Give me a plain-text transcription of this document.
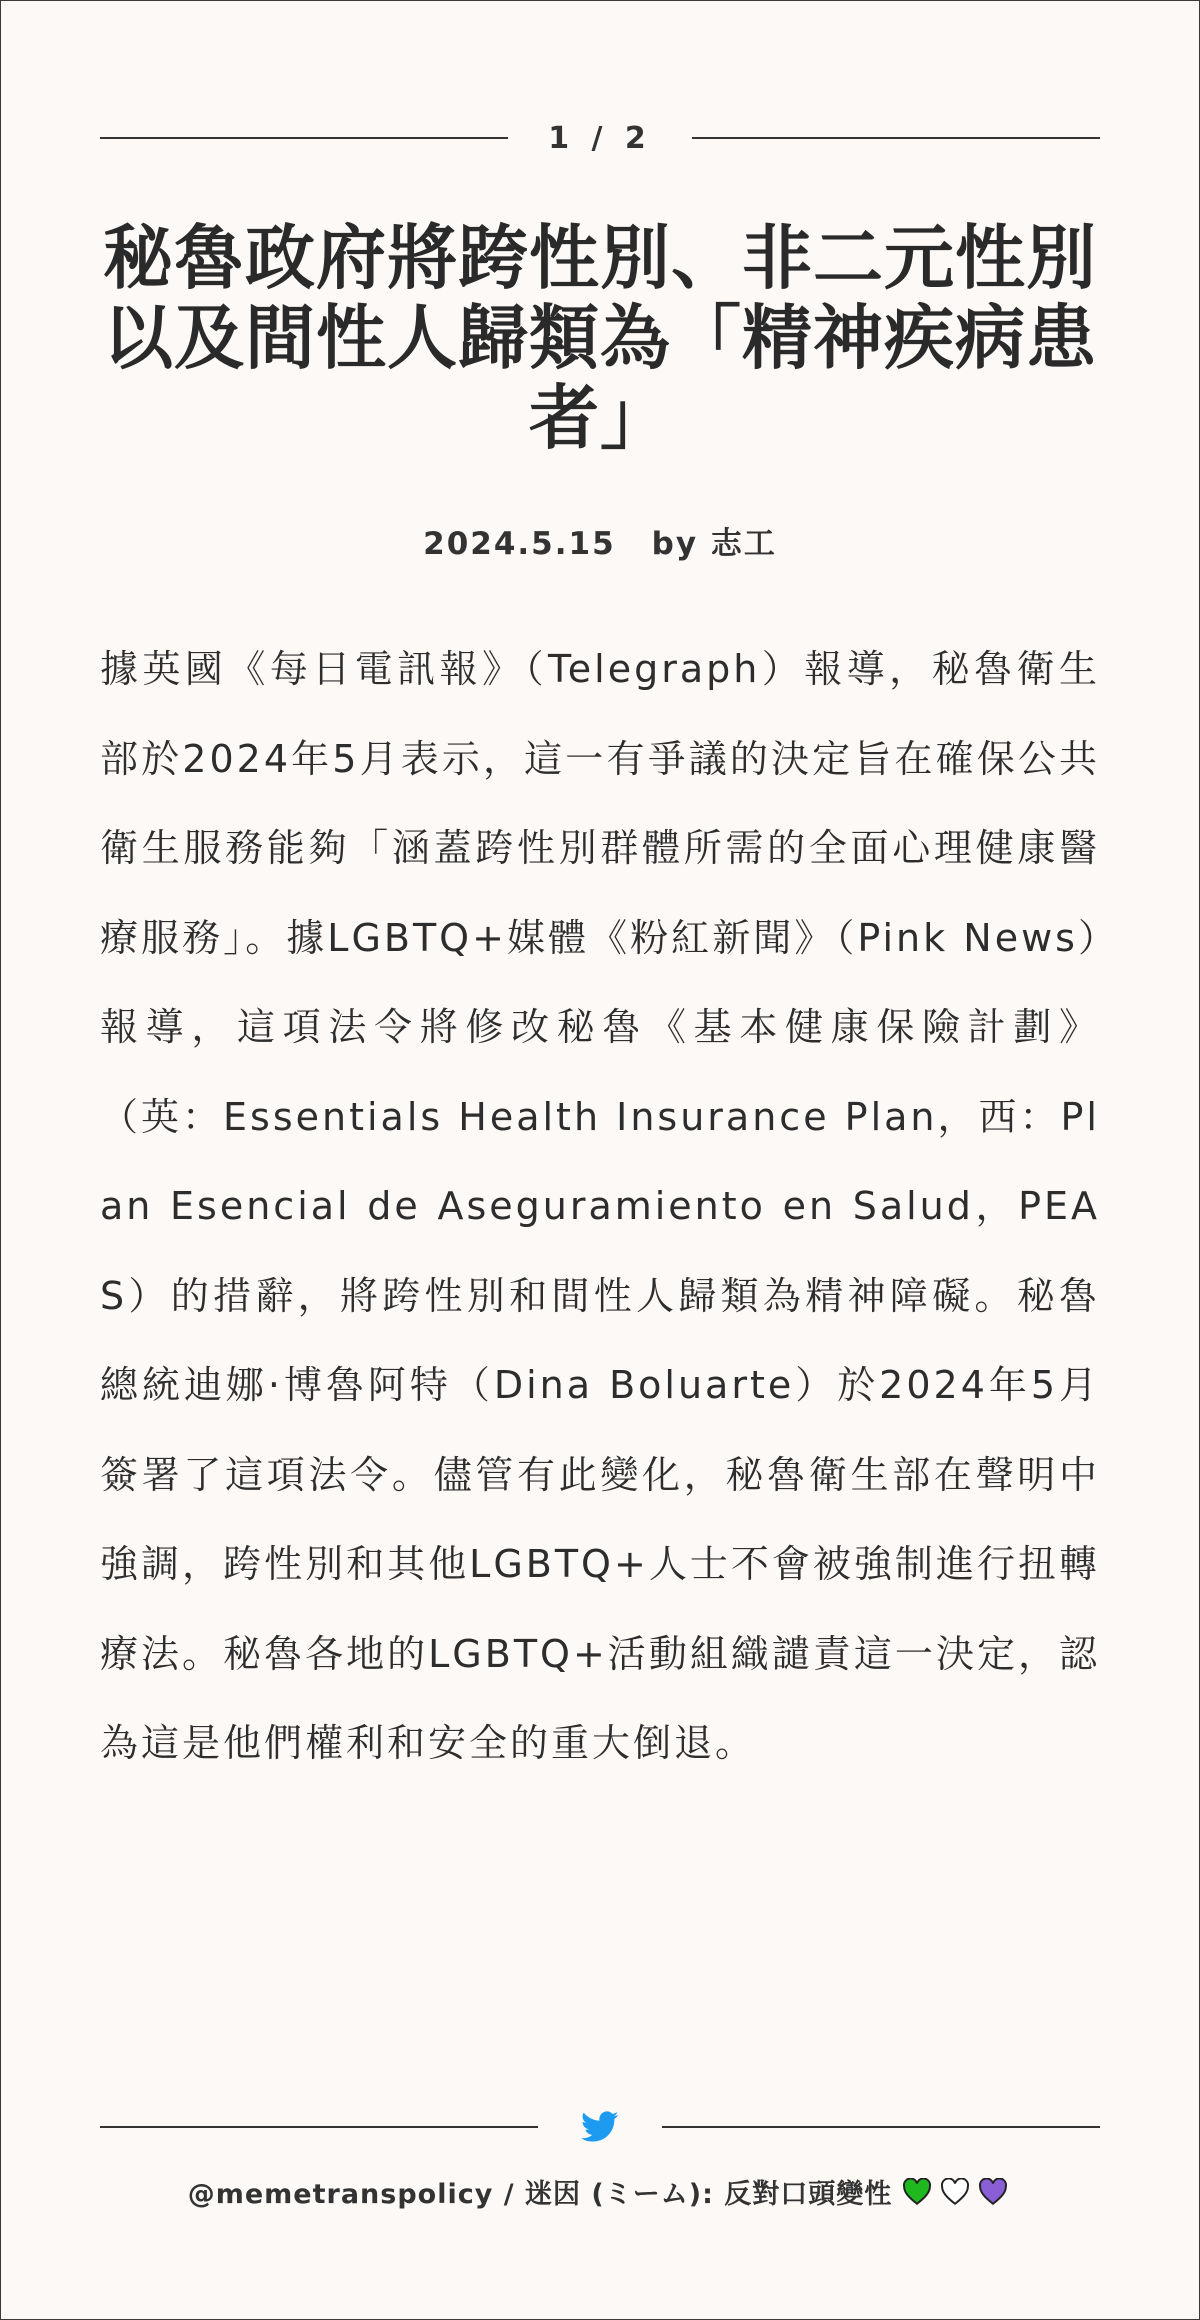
1 / 2
秘魯政府將跨性別、非二元性別以及間性人歸類為「精神疾病患者」
2024.5.15 by 志工

據英國《每日電訊報》（Telegraph）報導，秘魯衛生部於2024年5月表示，這一有爭議的決定旨在確保公共衛生服務能夠「涵蓋跨性別群體所需的全面心理健康醫療服務」。據LGBTQ+媒體《粉紅新聞》（Pink News）報導，這項法令將修改秘魯《基本健康保險計劃》（英：Essentials Health Insurance Plan，西：Plan Esencial de Aseguramiento en Salud，PEAS）的措辭，將跨性別和間性人歸類為精神障礙。秘魯總統迪娜·博魯阿特（Dina Boluarte）於2024年5月簽署了這項法令。儘管有此變化，秘魯衛生部在聲明中強調，跨性別和其他LGBTQ+人士不會被強制進行扭轉療法。秘魯各地的LGBTQ+活動組織譴責這一決定，認為這是他們權利和安全的重大倒退。

@memetranspolicy / 迷因 (ミーム): 反對口頭變性
